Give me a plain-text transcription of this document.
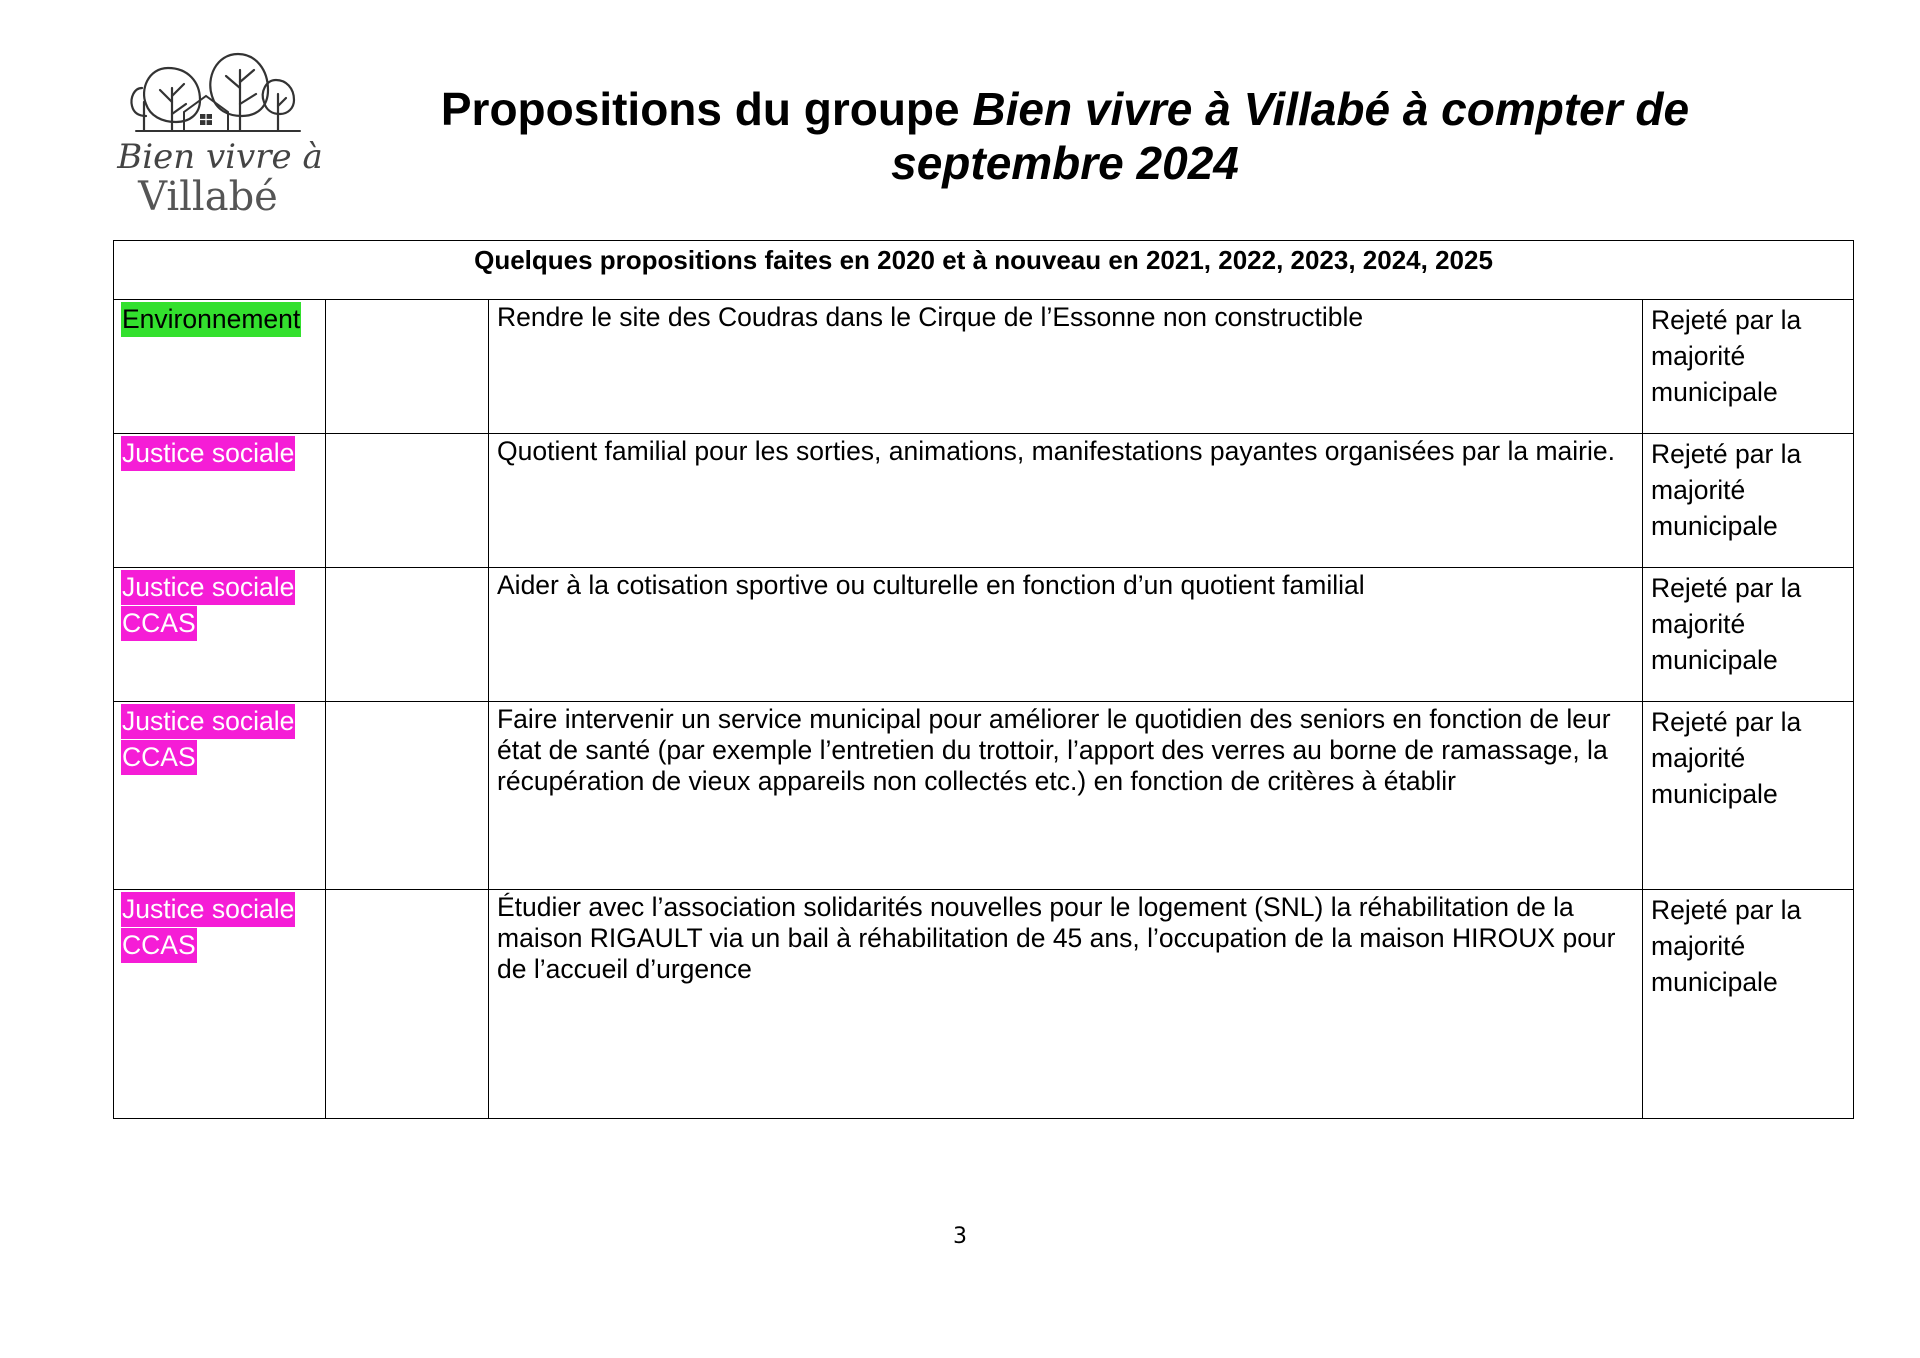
Bien vivre à
Villabé
Propositions du groupe Bien vivre à Villabé à compter de
septembre 2024
Quelques propositions faites en 2020 et à nouveau en 2021, 2022, 2023, 2024, 2025			

Environnement		Rendre le site des Coudras dans le Cirque de l’Essonne non constructible	Rejeté par la majorité municipale

Justice sociale		Quotient familial pour les sorties, animations, manifestations payantes organisées par la mairie.	Rejeté par la majorité municipale

Justice sociale
CCAS		Aider à la cotisation sportive ou culturelle en fonction d’un quotient familial	Rejeté par la majorité municipale

Justice sociale
CCAS		Faire intervenir un service municipal pour améliorer le quotidien des seniors en fonction de leur état de santé (par exemple l’entretien du trottoir, l’apport des verres au borne de ramassage, la récupération de vieux appareils non collectés etc.) en fonction de critères à établir	Rejeté par la majorité municipale

Justice sociale
CCAS		Étudier avec l’association solidarités nouvelles pour le logement (SNL) la réhabilitation de la maison RIGAULT via un bail à réhabilitation de 45 ans, l’occupation de la maison HIROUX pour de l’accueil d’urgence	Rejeté par la majorité municipale
3
